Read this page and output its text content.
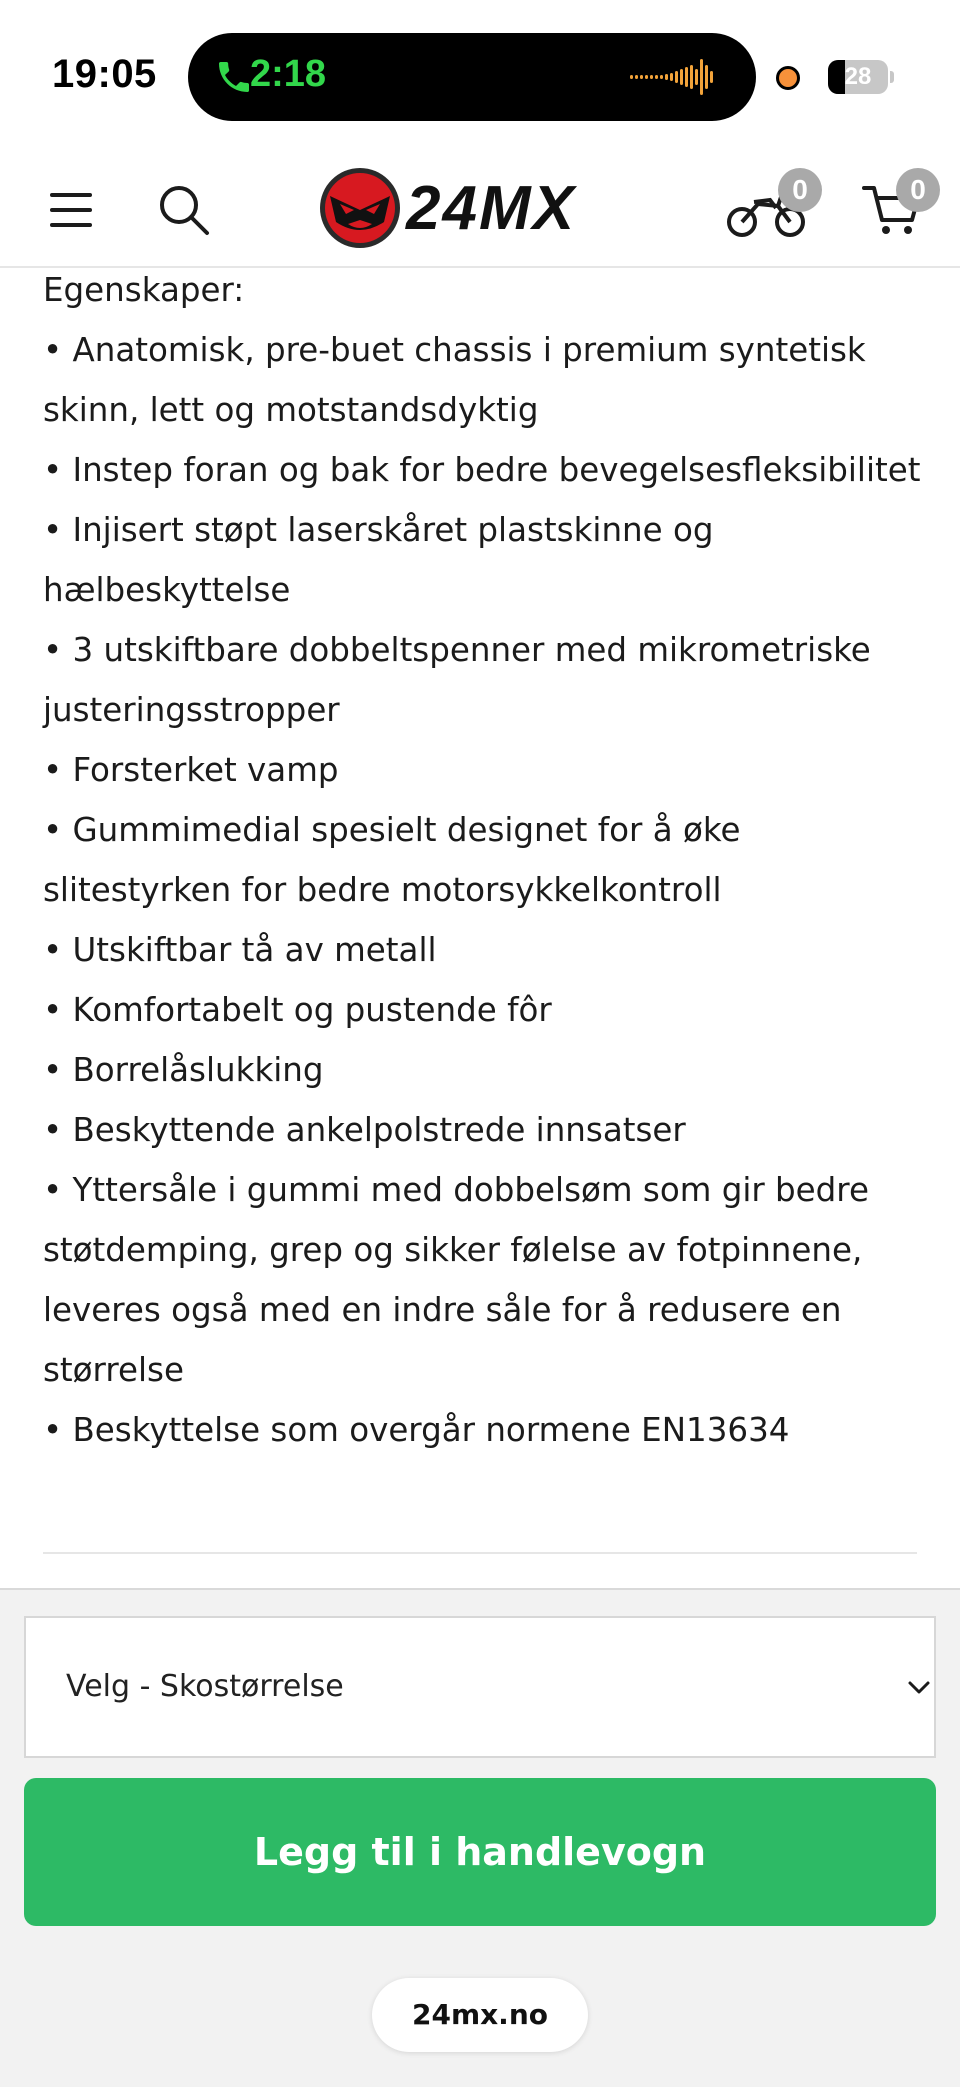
19:05 2:18	28
24MX	0	0

Egenskaper:

• Anatomisk, pre-buet chassis i premium syntetisk skinn, lett og motstandsdyktig
• Instep foran og bak for bedre bevegelsesfleksibilitet
• Injisert støpt laserskåret plastskinne og hælbeskyttelse
• 3 utskiftbare dobbeltspenner med mikrometriske justeringsstropper
• Forsterket vamp
• Gummimedial spesielt designet for å øke slitestyrken for bedre motorsykkelkontroll
• Utskiftbar tå av metall
• Komfortabelt og pustende fôr
• Borrelåslukking
• Beskyttende ankelpolstrede innsatser
• Yttersåle i gummi med dobbelsøm som gir bedre støtdemping, grep og sikker følelse av fotpinnene, leveres også med en indre såle for å redusere en størrelse
• Beskyttelse som overgår normene EN13634
Velg - Skostørrelse
Legg til i handlevogn
24mx.no
